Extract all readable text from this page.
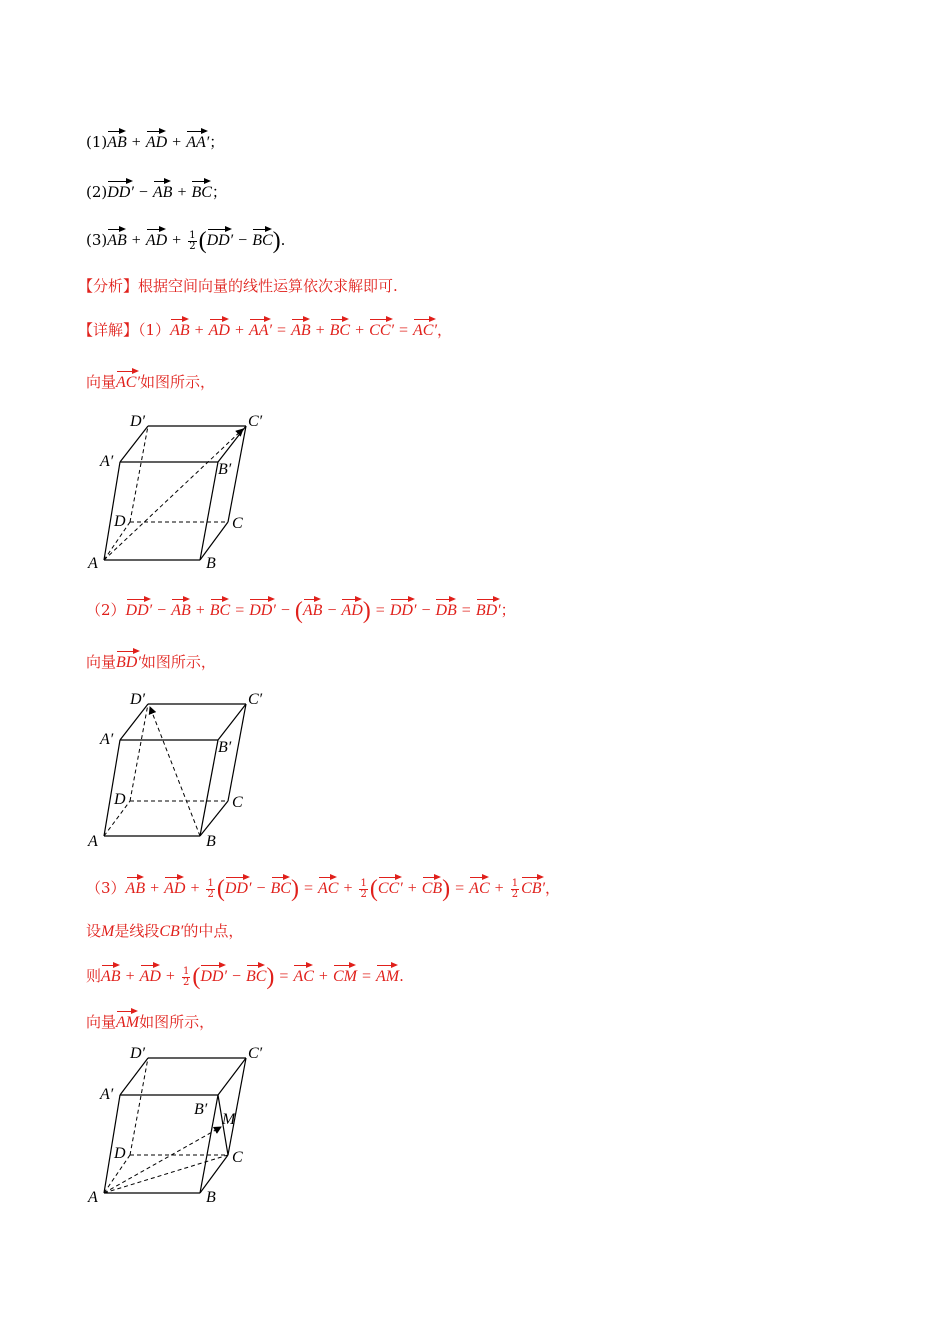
(1)AB + AD + AA′；
(2)DD′ − AB + BC；
(3)AB + AD + $\frac{1}{2} (DD' - BC)$.
【分析】根据空间向量的线性运算依次求解即可.
【详解】（1）AB + AD + AA′ = AB + BC + CC′ = AC′，
向量AC′如图所示，
A	B
C
D
A′	B′
C′
D′
（2）DD′ − AB + BC = DD′ − (AB − AD) = DD′ − DB = BD′；
向量BD′如图所示，
A	B
C
D
A′	B′
C′
D′
（3）AB + AD + $\frac{1}{2} (DD' - BC)$ = AC + $\frac{1}{2} (CC' + CB)$ = AC + $\frac{1}{2} CB'$，
设M是线段CB′的中点，
则AB + AD + $\frac{1}{2} (DD' - BC)$ = AC + CM = AM.
向量AM如图所示，
A	B
C
D
A′
B′
M
C′
D′
